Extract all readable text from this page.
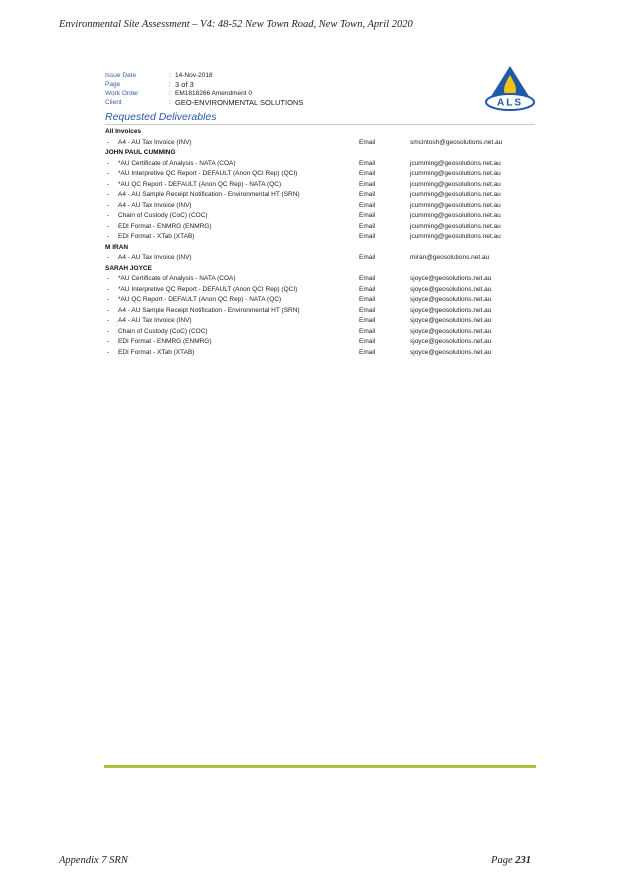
Environmental Site Assessment – V4: 48-52 New Town Road, New Town, April 2020
Issue Date	: 14-Nov-2018
Page	: 3 of 3
Work Order	: EM1818266 Amendment 0
Client	: GEO-ENVIRONMENTAL SOLUTIONS	ALS
Requested Deliverables
All Invoices
- A4 - AU Tax Invoice (INV)	Email	smcintosh@geosolutions.net.au
JOHN PAUL CUMMING
- *AU Certificate of Analysis - NATA (COA)	Email	jcumming@geosolutions.net.au
- *AU Interpretive QC Report - DEFAULT (Anon QCI Rep) (QCI)	Email	jcumming@geosolutions.net.au
- *AU QC Report - DEFAULT (Anon QC Rep) - NATA (QC)	Email	jcumming@geosolutions.net.au
- A4 - AU Sample Receipt Notification - Environmental HT (SRN)	Email	jcumming@geosolutions.net.au
- A4 - AU Tax Invoice (INV)	Email	jcumming@geosolutions.net.au
- Chain of Custody (CoC) (COC)	Email	jcumming@geosolutions.net.au
- EDI Format - ENMRG (ENMRG)	Email	jcumming@geosolutions.net.au
- EDI Format - XTab (XTAB)	Email	jcumming@geosolutions.net.au
M IRAN
- A4 - AU Tax Invoice (INV)	Email	miran@geosolutions.net.au
SARAH JOYCE
- *AU Certificate of Analysis - NATA (COA)	Email	sjoyce@geosolutions.net.au
- *AU Interpretive QC Report - DEFAULT (Anon QCI Rep) (QCI)	Email	sjoyce@geosolutions.net.au
- *AU QC Report - DEFAULT (Anon QC Rep) - NATA (QC)	Email	sjoyce@geosolutions.net.au
- A4 - AU Sample Receipt Notification - Environmental HT (SRN)	Email	sjoyce@geosolutions.net.au
- A4 - AU Tax Invoice (INV)	Email	sjoyce@geosolutions.net.au
- Chain of Custody (CoC) (COC)	Email	sjoyce@geosolutions.net.au
- EDI Format - ENMRG (ENMRG)	Email	sjoyce@geosolutions.net.au
- EDI Format - XTab (XTAB)	Email	sjoyce@geosolutions.net.au
Appendix 7 SRN	Page 231
